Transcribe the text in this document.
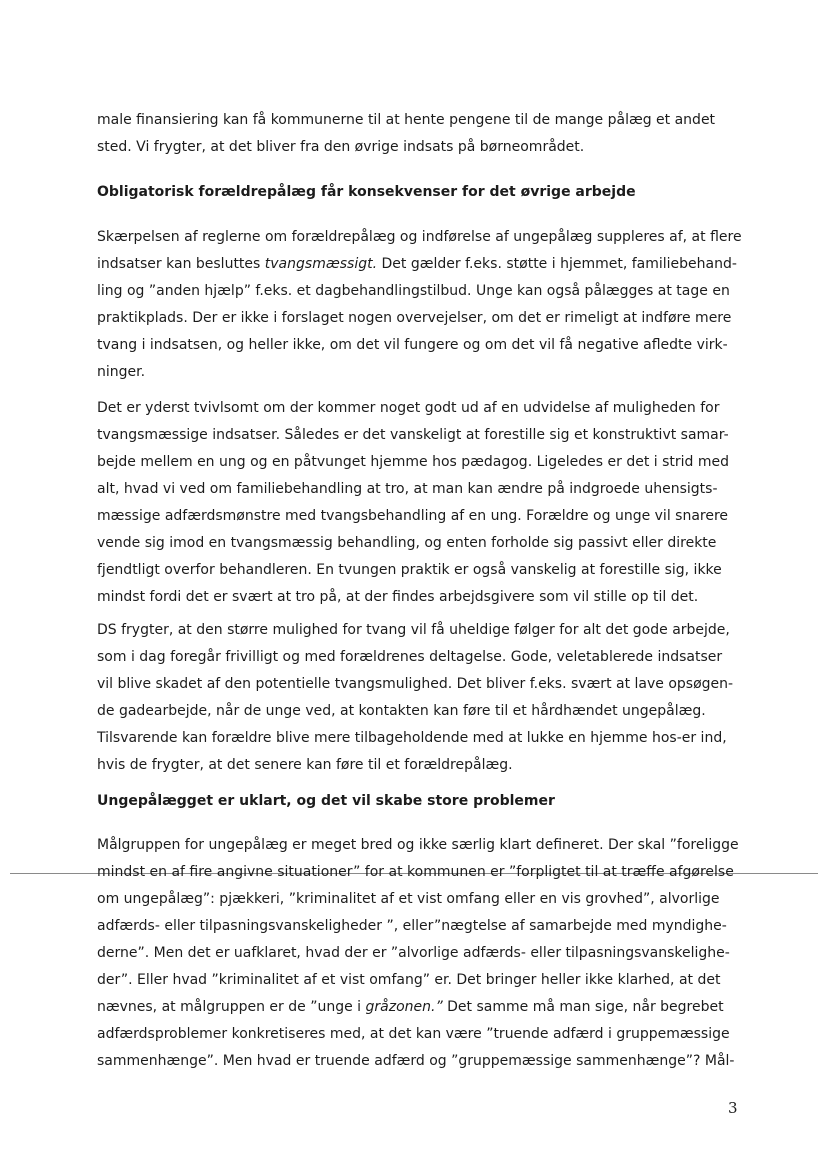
male finansiering kan få kommunerne til at hente pengene til de mange pålæg et andet
sted. Vi frygter, at det bliver fra den øvrige indsats på børneområdet.
Obligatorisk forældrepålæg får konsekvenser for det øvrige arbejde
Skærpelsen af reglerne om forældrepålæg og indførelse af ungepålæg suppleres af, at flere
indsatser kan besluttes tvangsmæssigt. Det gælder f.eks. støtte i hjemmet, familiebehand-
ling og ”anden hjælp” f.eks. et dagbehandlingstilbud. Unge kan også pålægges at tage en
praktikplads. Der er ikke i forslaget nogen overvejelser, om det er rimeligt at indføre mere
tvang i indsatsen, og heller ikke, om det vil fungere og om det vil få negative afledte virk-
ninger.
Det er yderst tvivlsomt om der kommer noget godt ud af en udvidelse af muligheden for
tvangsmæssige indsatser. Således er det vanskeligt at forestille sig et konstruktivt samar-
bejde mellem en ung og en påtvunget hjemme hos pædagog. Ligeledes er det i strid med
alt, hvad vi ved om familiebehandling at tro, at man kan ændre på indgroede uhensigts-
mæssige adfærdsmønstre med tvangsbehandling af en ung. Forældre og unge vil snarere
vende sig imod en tvangsmæssig behandling, og enten forholde sig passivt eller direkte
fjendtligt overfor behandleren. En tvungen praktik er også vanskelig at forestille sig, ikke
mindst fordi det er svært at tro på, at der findes arbejdsgivere som vil stille op til det.
DS frygter, at den større mulighed for tvang vil få uheldige følger for alt det gode arbejde,
som i dag foregår frivilligt og med forældrenes deltagelse. Gode, veletablerede indsatser
vil blive skadet af den potentielle tvangsmulighed. Det bliver f.eks. svært at lave opsøgen-
de gadearbejde, når de unge ved, at kontakten kan føre til et hårdhændet ungepålæg.
Tilsvarende kan forældre blive mere tilbageholdende med at lukke en hjemme hos-er ind,
hvis de frygter, at det senere kan føre til et forældrepålæg.
Ungepålægget er uklart, og det vil skabe store problemer
Målgruppen for ungepålæg er meget bred og ikke særlig klart defineret. Der skal ”foreligge
mindst en af fire angivne situationer” for at kommunen er ”forpligtet til at træffe afgørelse
om ungepålæg”: pjækkeri, ”kriminalitet af et vist omfang eller en vis grovhed”, alvorlige
adfærds- eller tilpasningsvanskeligheder ”, eller”nægtelse af samarbejde med myndighe-
derne”. Men det er uafklaret, hvad der er ”alvorlige adfærds- eller tilpasningsvanskelighe-
der”. Eller hvad ”kriminalitet af et vist omfang” er. Det bringer heller ikke klarhed, at det
nævnes, at målgruppen er de ”unge i gråzonen.” Det samme må man sige, når begrebet
adfærdsproblemer konkretiseres med, at det kan være ”truende adfærd i gruppemæssige
sammenhænge”. Men hvad er truende adfærd og ”gruppemæssige sammenhænge”? Mål-
3
